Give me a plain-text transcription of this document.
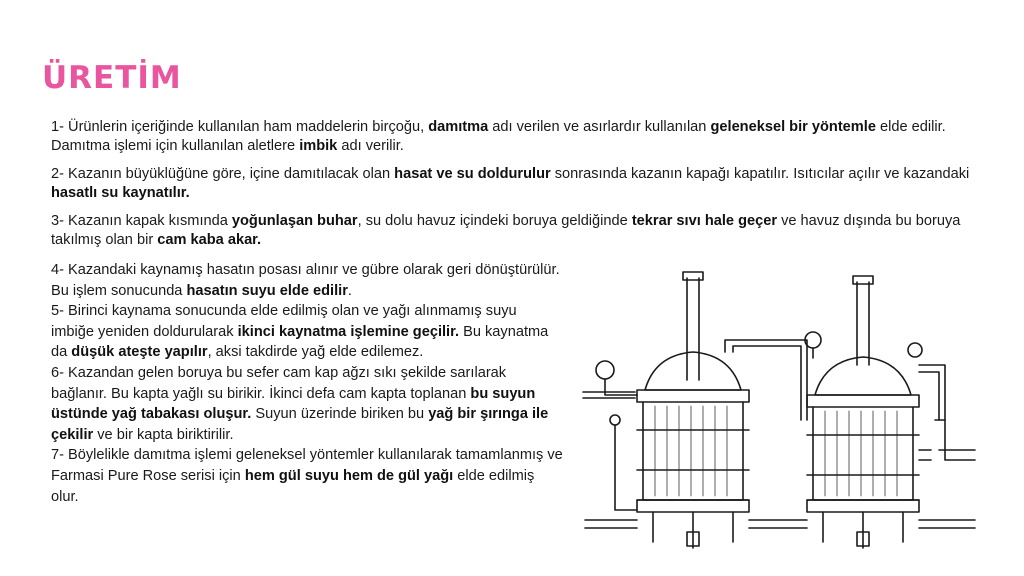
ÜRETİM

1- Ürünlerin içeriğinde kullanılan ham maddelerin birçoğu, damıtma adı verilen ve asırlardır kullanılan geleneksel bir yöntemle elde edilir. Damıtma işlemi için kullanılan aletlere imbik adı verilir.

2- Kazanın büyüklüğüne göre, içine damıtılacak olan hasat ve su doldurulur sonrasında kazanın kapağı kapatılır. Isıtıcılar açılır ve kazandaki hasatlı su kaynatılır.

3- Kazanın kapak kısmında yoğunlaşan buhar, su dolu havuz içindeki boruya geldiğinde tekrar sıvı hale geçer ve havuz dışında bu boruya takılmış olan bir cam kaba akar.

4- Kazandaki kaynamış hasatın posası alınır ve gübre olarak geri dönüştürülür. Bu işlem sonucunda hasatın suyu elde edilir.
5- Birinci kaynama sonucunda elde edilmiş olan ve yağı alınmamış suyu imbiğe yeniden doldurularak ikinci kaynatma işlemine geçilir. Bu kaynatma da düşük ateşte yapılır, aksi takdirde yağ elde edilemez.
6- Kazandan gelen boruya bu sefer cam kap ağzı sıkı şekilde sarılarak bağlanır. Bu kapta yağlı su birikir. İkinci defa cam kapta toplanan bu suyun üstünde yağ tabakası oluşur. Suyun üzerinde biriken bu yağ bir şırınga ile çekilir ve bir kapta biriktirilir.
7- Böylelikle damıtma işlemi geleneksel yöntemler kullanılarak tamamlanmış ve Farmasi Pure Rose serisi için hem gül suyu hem de gül yağı elde edilmiş olur.
